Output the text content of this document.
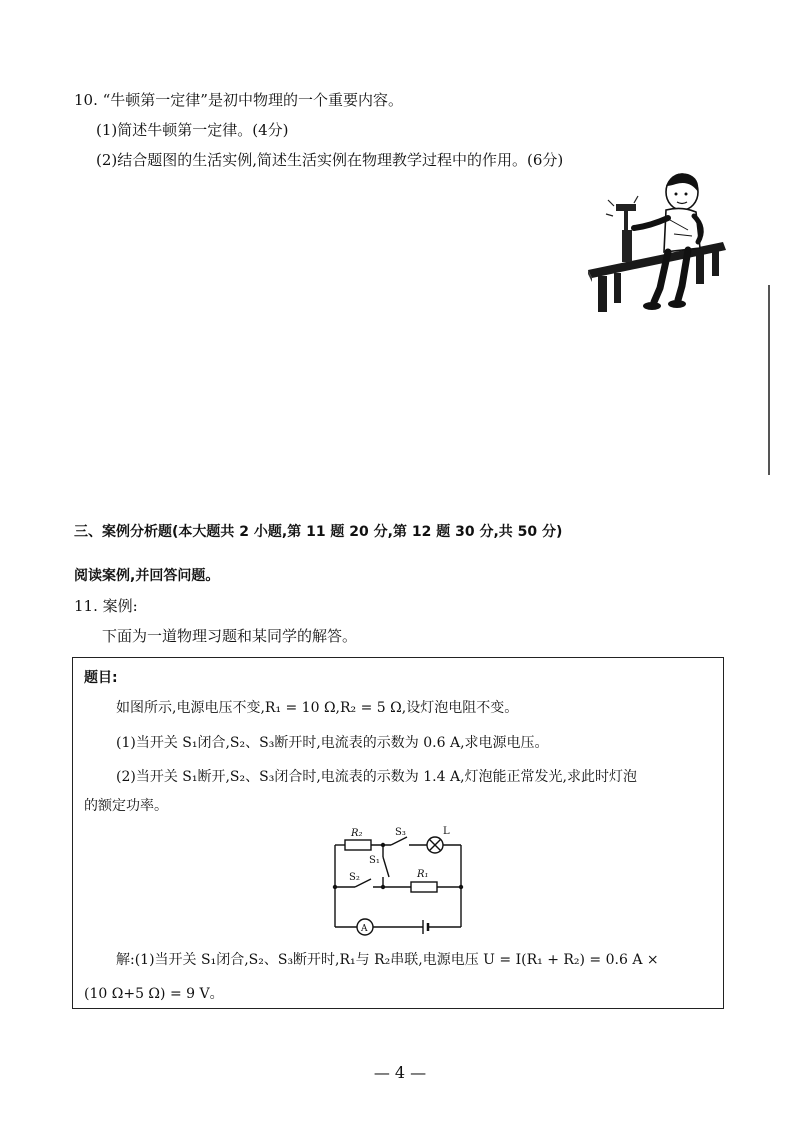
10. “牛顿第一定律”是初中物理的一个重要内容。
(1)简述牛顿第一定律。(4分)
(2)结合题图的生活实例,简述生活实例在物理教学过程中的作用。(6分)
三、案例分析题(本大题共 2 小题,第 11 题 20 分,第 12 题 30 分,共 50 分)
阅读案例,并回答问题。
11. 案例:
下面为一道物理习题和某同学的解答。
题目:
如图所示,电源电压不变,R₁ = 10 Ω,R₂ = 5 Ω,设灯泡电阻不变。
(1)当开关 S₁闭合,S₂、S₃断开时,电流表的示数为 0.6 A,求电源电压。
(2)当开关 S₁断开,S₂、S₃闭合时,电流表的示数为 1.4 A,灯泡能正常发光,求此时灯泡
的额定功率。
R₂	S₃	L
S₁
S₂	R₁
A
解:(1)当开关 S₁闭合,S₂、S₃断开时,R₁与 R₂串联,电源电压 U = I(R₁ + R₂) = 0.6 A ×
(10 Ω+5 Ω) = 9 V。
— 4 —
